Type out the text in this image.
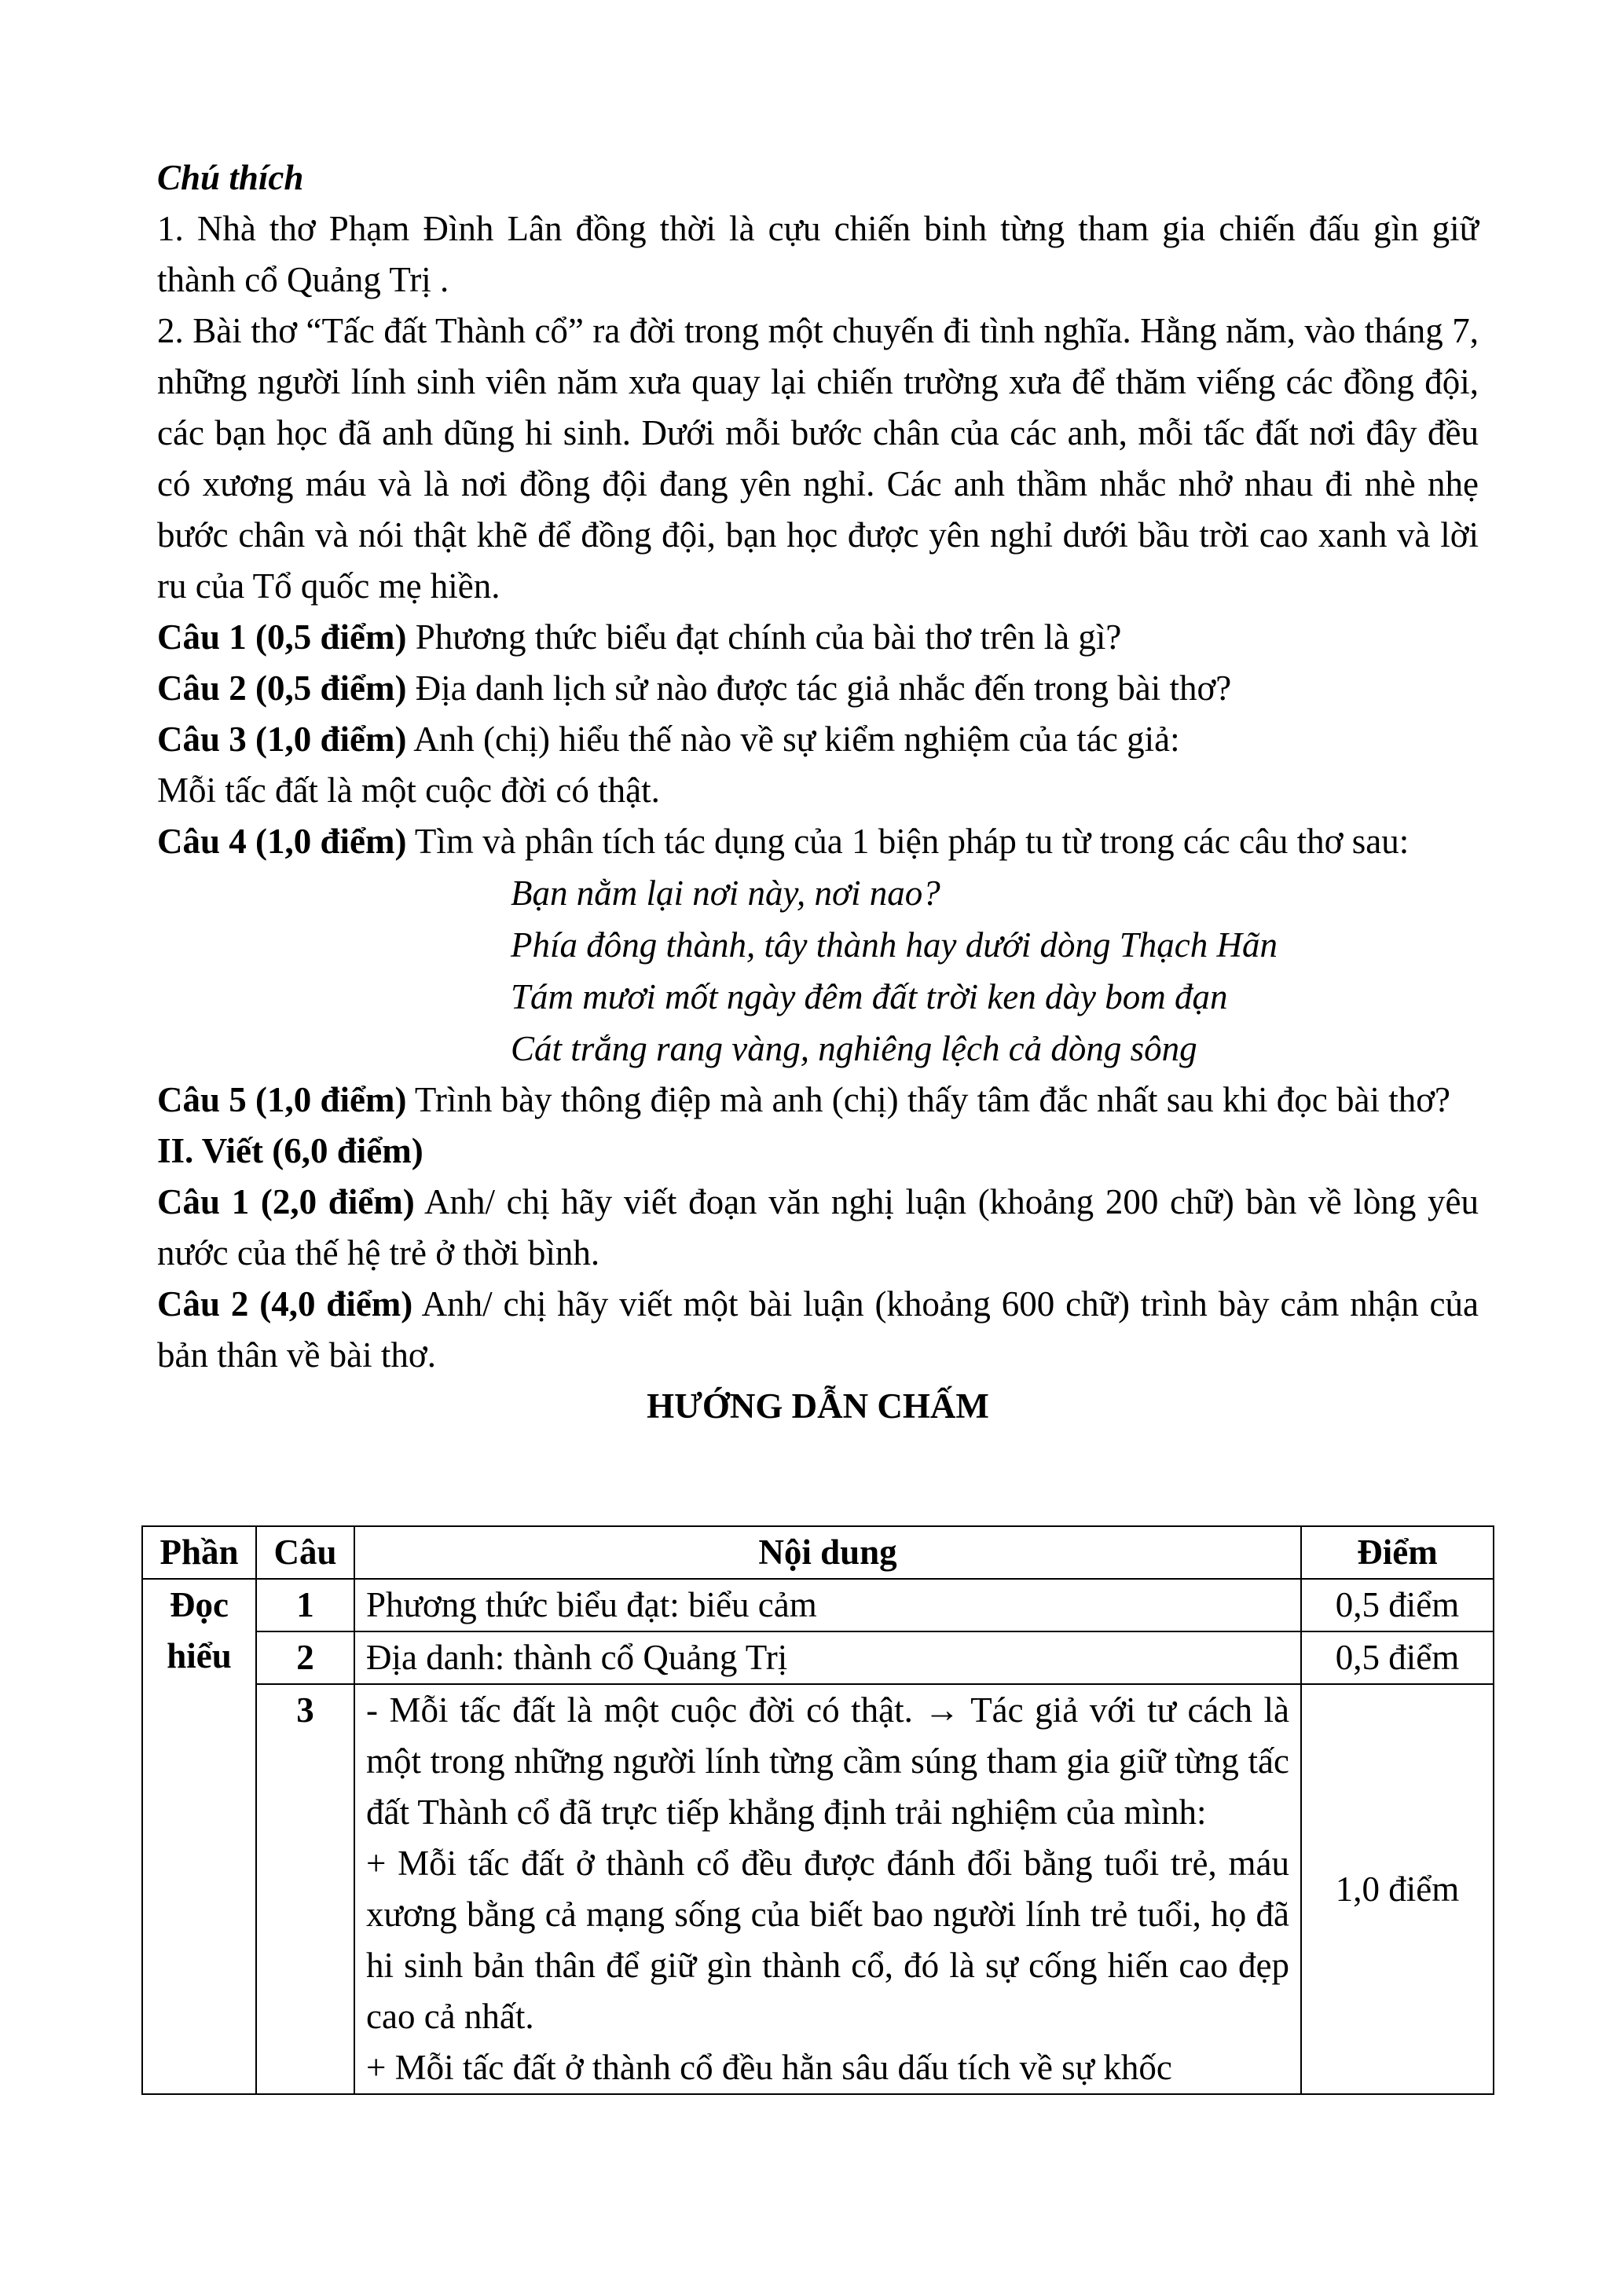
Chú thích

1. Nhà thơ Phạm Đình Lân đồng thời là cựu chiến binh từng tham gia chiến đấu gìn giữ thành cổ Quảng Trị .

2. Bài thơ “Tấc đất Thành cổ” ra đời trong một chuyến đi tình nghĩa. Hằng năm, vào tháng 7, những người lính sinh viên năm xưa quay lại chiến trường xưa để thăm viếng các đồng đội, các bạn học đã anh dũng hi sinh. Dưới mỗi bước chân của các anh, mỗi tấc đất nơi đây đều có xương máu và là nơi đồng đội đang yên nghỉ. Các anh thầm nhắc nhở nhau đi nhè nhẹ bước chân và nói thật khẽ để đồng đội, bạn học được yên nghỉ dưới bầu trời cao xanh và lời ru của Tổ quốc mẹ hiền.

Câu 1 (0,5 điểm) Phương thức biểu đạt chính của bài thơ trên là gì?

Câu 2 (0,5 điểm) Địa danh lịch sử nào được tác giả nhắc đến trong bài thơ?

Câu 3 (1,0 điểm) Anh (chị) hiểu thế nào về sự kiểm nghiệm của tác giả:

Mỗi tấc đất là một cuộc đời có thật.

Câu 4 (1,0 điểm) Tìm và phân tích tác dụng của 1 biện pháp tu từ trong các câu thơ sau:

Bạn nằm lại nơi này, nơi nao?
Phía đông thành, tây thành hay dưới dòng Thạch Hãn
Tám mươi mốt ngày đêm đất trời ken dày bom đạn
Cát trắng rang vàng, nghiêng lệch cả dòng sông

Câu 5 (1,0 điểm) Trình bày thông điệp mà anh (chị) thấy tâm đắc nhất sau khi đọc bài thơ?

II. Viết (6,0 điểm)

Câu 1 (2,0 điểm) Anh/ chị hãy viết đoạn văn nghị luận (khoảng 200 chữ) bàn về lòng yêu nước của thế hệ trẻ ở thời bình.

Câu 2 (4,0 điểm) Anh/ chị hãy viết một bài luận (khoảng 600 chữ) trình bày cảm nhận của bản thân về bài thơ.

HƯỚNG DẪN CHẤM

Phần	Câu	Nội dung	Điểm
Đọc hiểu	1	Phương thức biểu đạt: biểu cảm	0,5 điểm
	2	Địa danh: thành cổ Quảng Trị	0,5 điểm
	3	- Mỗi tấc đất là một cuộc đời có thật. → Tác giả với tư cách là một trong những người lính từng cầm súng tham gia giữ từng tấc đất Thành cổ đã trực tiếp khẳng định trải nghiệm của mình:
+ Mỗi tấc đất ở thành cổ đều được đánh đổi bằng tuổi trẻ, máu xương bằng cả mạng sống của biết bao người lính trẻ tuổi, họ đã hi sinh bản thân để giữ gìn thành cổ, đó là sự cống hiến cao đẹp cao cả nhất.
+ Mỗi tấc đất ở thành cổ đều hằn sâu dấu tích về sự khốc	1,0 điểm
